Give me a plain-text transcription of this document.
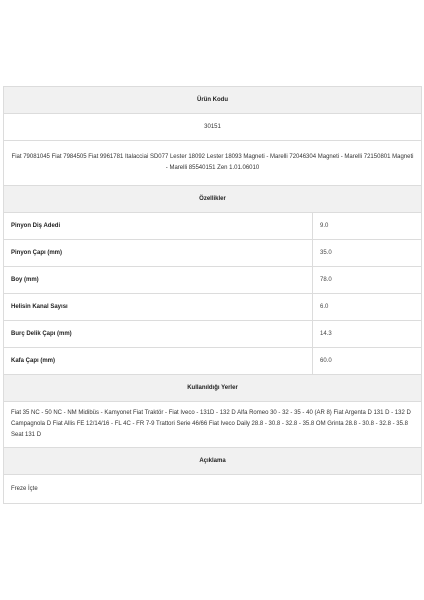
Ürün Kodu	
30151	
Fiat 79081045 Fiat 7984505 Fiat 9961781 Italacciai SD077 Lester 18092 Lester 18093 Magneti - Marelli 72046304 Magneti - Marelli 72150801 Magneti - Marelli 85540151 Zen 1.01.06010	
Özellikler	
Pinyon Diş Adedi	9.0
Pinyon Çapı (mm)	35.0
Boy (mm)	78.0
Helisin Kanal Sayısı	6.0
Burç Delik Çapı (mm)	14.3
Kafa Çapı (mm)	60.0
Kullanıldığı Yerler	
Fiat 35 NC - 50 NC - NM Midibüs - Kamyonet Fiat Traktör - Fiat Iveco - 131D - 132 D Alfa Romeo 30 - 32 - 35 - 40 (AR 8) Fiat Argenta D 131 D - 132 D Campagnola D Fiat Allis FE 12/14/16 - FL 4C - FR 7-9 Trattori Serie 46/66 Fiat Iveco Daily 28.8 - 30.8 - 32.8 - 35.8 OM Grinta 28.8 - 30.8 - 32.8 - 35.8 Seat 131 D	
Açıklama	
Freze İçte	
